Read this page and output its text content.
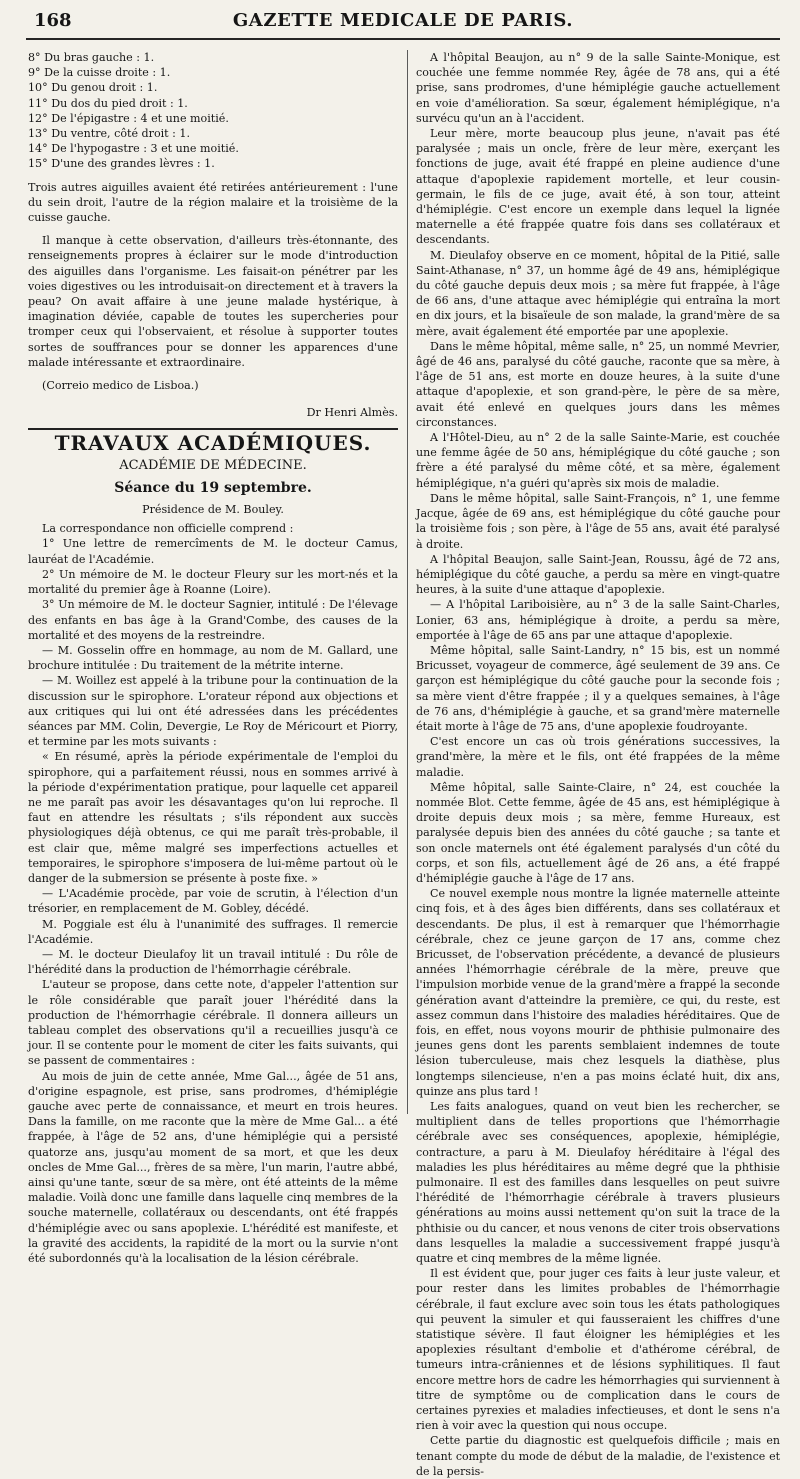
168	GAZETTE MEDICALE DE PARIS.

8° Du bras gauche : 1.

9° De la cuisse droite : 1.

10° Du genou droit : 1.

11° Du dos du pied droit : 1.

12° De l'épigastre : 4 et une moitié.

13° Du ventre, côté droit : 1.

14° De l'hypogastre : 3 et une moitié.

15° D'une des grandes lèvres : 1.

Trois autres aiguilles avaient été retirées antérieurement : l'une du sein droit, l'autre de la région malaire et la troisième de la cuisse gauche.

Il manque à cette observation, d'ailleurs très-étonnante, des renseignements propres à éclairer sur le mode d'introduction des aiguilles dans l'organisme. Les faisait-on pénétrer par les voies digestives ou les introduisait-on directement et à travers la peau? On avait affaire à une jeune malade hystérique, à imagination déviée, capable de toutes les supercheries pour tromper ceux qui l'observaient, et résolue à supporter toutes sortes de souffrances pour se donner les apparences d'une malade intéressante et extraordinaire.

(Correio medico de Lisboa.)

Dr Henri Almès.

TRAVAUX ACADÉMIQUES.
ACADÉMIE DE MÉDECINE.
Séance du 19 septembre.
Présidence de M. Bouley.

La correspondance non officielle comprend :

1° Une lettre de remercîments de M. le docteur Camus, lauréat de l'Académie.

2° Un mémoire de M. le docteur Fleury sur les mort-nés et la mortalité du premier âge à Roanne (Loire).

3° Un mémoire de M. le docteur Sagnier, intitulé : De l'élevage des enfants en bas âge à la Grand'Combe, des causes de la mortalité et des moyens de la restreindre.

— M. Gosselin offre en hommage, au nom de M. Gallard, une brochure intitulée : Du traitement de la métrite interne.

— M. Woillez est appelé à la tribune pour la continuation de la discussion sur le spirophore. L'orateur répond aux objections et aux critiques qui lui ont été adressées dans les précédentes séances par MM. Colin, Devergie, Le Roy de Méricourt et Piorry, et termine par les mots suivants :

« En résumé, après la période expérimentale de l'emploi du spirophore, qui a parfaitement réussi, nous en sommes arrivé à la période d'expérimentation pratique, pour laquelle cet appareil ne me paraît pas avoir les désavantages qu'on lui reproche. Il faut en attendre les résultats ; s'ils répondent aux succès physiologiques déjà obtenus, ce qui me paraît très-probable, il est clair que, même malgré ses imperfections actuelles et temporaires, le spirophore s'imposera de lui-même partout où le danger de la submersion se présente à poste fixe. »

— L'Académie procède, par voie de scrutin, à l'élection d'un trésorier, en remplacement de M. Gobley, décédé.

M. Poggiale est élu à l'unanimité des suffrages. Il remercie l'Académie.

— M. le docteur Dieulafoy lit un travail intitulé : Du rôle de l'hérédité dans la production de l'hémorrhagie cérébrale.

L'auteur se propose, dans cette note, d'appeler l'attention sur le rôle considérable que paraît jouer l'hérédité dans la production de l'hémorrhagie cérébrale. Il donnera ailleurs un tableau complet des observations qu'il a recueillies jusqu'à ce jour. Il se contente pour le moment de citer les faits suivants, qui se passent de commentaires :

Au mois de juin de cette année, Mme Gal..., âgée de 51 ans, d'origine espagnole, est prise, sans prodromes, d'hémiplégie gauche avec perte de connaissance, et meurt en trois heures. Dans la famille, on me raconte que la mère de Mme Gal... a été frappée, à l'âge de 52 ans, d'une hémiplégie qui a persisté quatorze ans, jusqu'au moment de sa mort, et que les deux oncles de Mme Gal..., frères de sa mère, l'un marin, l'autre abbé, ainsi qu'une tante, sœur de sa mère, ont été atteints de la même maladie. Voilà donc une famille dans laquelle cinq membres de la souche maternelle, collatéraux ou descendants, ont été frappés d'hémiplégie avec ou sans apoplexie. L'hérédité est manifeste, et la gravité des accidents, la rapidité de la mort ou la survie n'ont été subordonnés qu'à la localisation de la lésion cérébrale.

A l'hôpital Beaujon, au n° 9 de la salle Sainte-Monique, est couchée une femme nommée Rey, âgée de 78 ans, qui a été prise, sans prodromes, d'une hémiplégie gauche actuellement en voie d'amélioration. Sa sœur, également hémiplégique, n'a survécu qu'un an à l'accident.

Leur mère, morte beaucoup plus jeune, n'avait pas été paralysée ; mais un oncle, frère de leur mère, exerçant les fonctions de juge, avait été frappé en pleine audience d'une attaque d'apoplexie rapidement mortelle, et leur cousin-germain, le fils de ce juge, avait été, à son tour, atteint d'hémiplégie. C'est encore un exemple dans lequel la lignée maternelle a été frappée quatre fois dans ses collatéraux et descendants.

M. Dieulafoy observe en ce moment, hôpital de la Pitié, salle Saint-Athanase, n° 37, un homme âgé de 49 ans, hémiplégique du côté gauche depuis deux mois ; sa mère fut frappée, à l'âge de 66 ans, d'une attaque avec hémiplégie qui entraîna la mort en dix jours, et la bisaïeule de son malade, la grand'mère de sa mère, avait également été emportée par une apoplexie.

Dans le même hôpital, même salle, n° 25, un nommé Mevrier, âgé de 46 ans, paralysé du côté gauche, raconte que sa mère, à l'âge de 51 ans, est morte en douze heures, à la suite d'une attaque d'apoplexie, et son grand-père, le père de sa mère, avait été enlevé en quelques jours dans les mêmes circonstances.

A l'Hôtel-Dieu, au n° 2 de la salle Sainte-Marie, est couchée une femme âgée de 50 ans, hémiplégique du côté gauche ; son frère a été paralysé du même côté, et sa mère, également hémiplégique, n'a guéri qu'après six mois de maladie.

Dans le même hôpital, salle Saint-François, n° 1, une femme Jacque, âgée de 69 ans, est hémiplégique du côté gauche pour la troisième fois ; son père, à l'âge de 55 ans, avait été paralysé à droite.

A l'hôpital Beaujon, salle Saint-Jean, Roussu, âgé de 72 ans, hémiplégique du côté gauche, a perdu sa mère en vingt-quatre heures, à la suite d'une attaque d'apoplexie.

— A l'hôpital Lariboisière, au n° 3 de la salle Saint-Charles, Lonier, 63 ans, hémiplégique à droite, a perdu sa mère, emportée à l'âge de 65 ans par une attaque d'apoplexie.

Même hôpital, salle Saint-Landry, n° 15 bis, est un nommé Bricusset, voyageur de commerce, âgé seulement de 39 ans. Ce garçon est hémiplégique du côté gauche pour la seconde fois ; sa mère vient d'être frappée ; il y a quelques semaines, à l'âge de 76 ans, d'hémiplégie à gauche, et sa grand'mère maternelle était morte à l'âge de 75 ans, d'une apoplexie foudroyante.

C'est encore un cas où trois générations successives, la grand'mère, la mère et le fils, ont été frappées de la même maladie.

Même hôpital, salle Sainte-Claire, n° 24, est couchée la nommée Blot. Cette femme, âgée de 45 ans, est hémiplégique à droite depuis deux mois ; sa mère, femme Hureaux, est paralysée depuis bien des années du côté gauche ; sa tante et son oncle maternels ont été également paralysés d'un côté du corps, et son fils, actuellement âgé de 26 ans, a été frappé d'hémiplégie gauche à l'âge de 17 ans.

Ce nouvel exemple nous montre la lignée maternelle atteinte cinq fois, et à des âges bien différents, dans ses collatéraux et descendants. De plus, il est à remarquer que l'hémorrhagie cérébrale, chez ce jeune garçon de 17 ans, comme chez Bricusset, de l'observation précédente, a devancé de plusieurs années l'hémorrhagie cérébrale de la mère, preuve que l'impulsion morbide venue de la grand'mère a frappé la seconde génération avant d'atteindre la première, ce qui, du reste, est assez commun dans l'histoire des maladies héréditaires. Que de fois, en effet, nous voyons mourir de phthisie pulmonaire des jeunes gens dont les parents semblaient indemnes de toute lésion tuberculeuse, mais chez lesquels la diathèse, plus longtemps silencieuse, n'en a pas moins éclaté huit, dix ans, quinze ans plus tard !

Les faits analogues, quand on veut bien les rechercher, se multiplient dans de telles proportions que l'hémorrhagie cérébrale avec ses conséquences, apoplexie, hémiplégie, contracture, a paru à M. Dieulafoy héréditaire à l'égal des maladies les plus héréditaires au même degré que la phthisie pulmonaire. Il est des familles dans lesquelles on peut suivre l'hérédité de l'hémorrhagie cérébrale à travers plusieurs générations au moins aussi nettement qu'on suit la trace de la phthisie ou du cancer, et nous venons de citer trois observations dans lesquelles la maladie a successivement frappé jusqu'à quatre et cinq membres de la même lignée.

Il est évident que, pour juger ces faits à leur juste valeur, et pour rester dans les limites probables de l'hémorrhagie cérébrale, il faut exclure avec soin tous les états pathologiques qui peuvent la simuler et qui fausseraient les chiffres d'une statistique sévère. Il faut éloigner les hémiplégies et les apoplexies résultant d'embolie et d'athérome cérébral, de tumeurs intra-crâniennes et de lésions syphilitiques. Il faut encore mettre hors de cadre les hémorrhagies qui surviennent à titre de symptôme ou de complication dans le cours de certaines pyrexies et maladies infectieuses, et dont le sens n'a rien à voir avec la question qui nous occupe.

Cette partie du diagnostic est quelquefois difficile ; mais en tenant compte du mode de début de la maladie, de l'existence et de la persis-
